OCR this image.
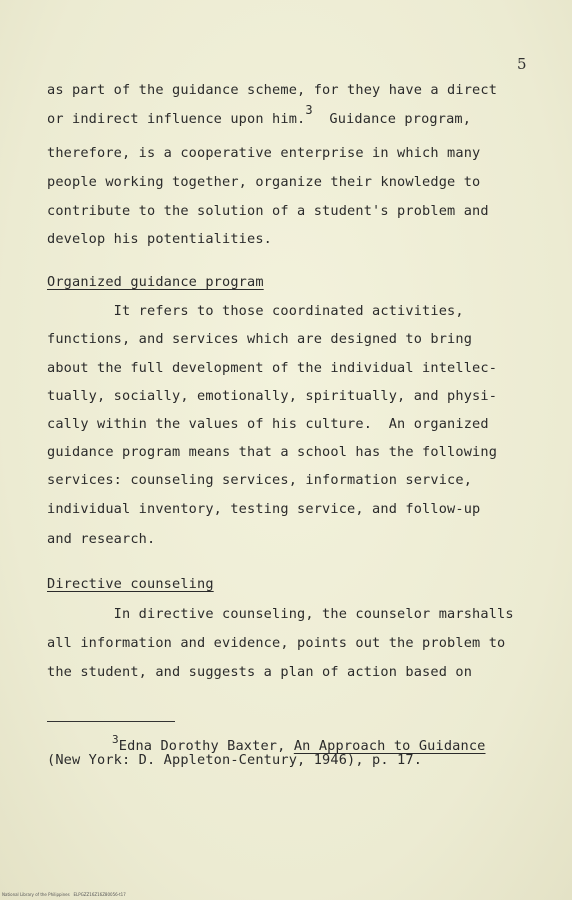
5
as part of the guidance scheme, for they have a direct
or indirect influence upon him.3  Guidance program,
therefore, is a cooperative enterprise in which many
people working together, organize their knowledge to
contribute to the solution of a student's problem and
develop his potentialities.
Organized guidance program
It refers to those coordinated activities,
functions, and services which are designed to bring
about the full development of the individual intellec-
tually, socially, emotionally, spiritually, and physi-
cally within the values of his culture.  An organized
guidance program means that a school has the following
services: counseling services, information service,
individual inventory, testing service, and follow-up
and research.
Directive counseling
In directive counseling, the counselor marshalls
all information and evidence, points out the problem to
the student, and suggests a plan of action based on
$^3$Edna Dorothy Baxter, An Approach to Guidance
(New York: D. Appleton-Century, 1946), p. 17.
National Library of the Philippines   ELPGZZ16Z16Z80056-t17
